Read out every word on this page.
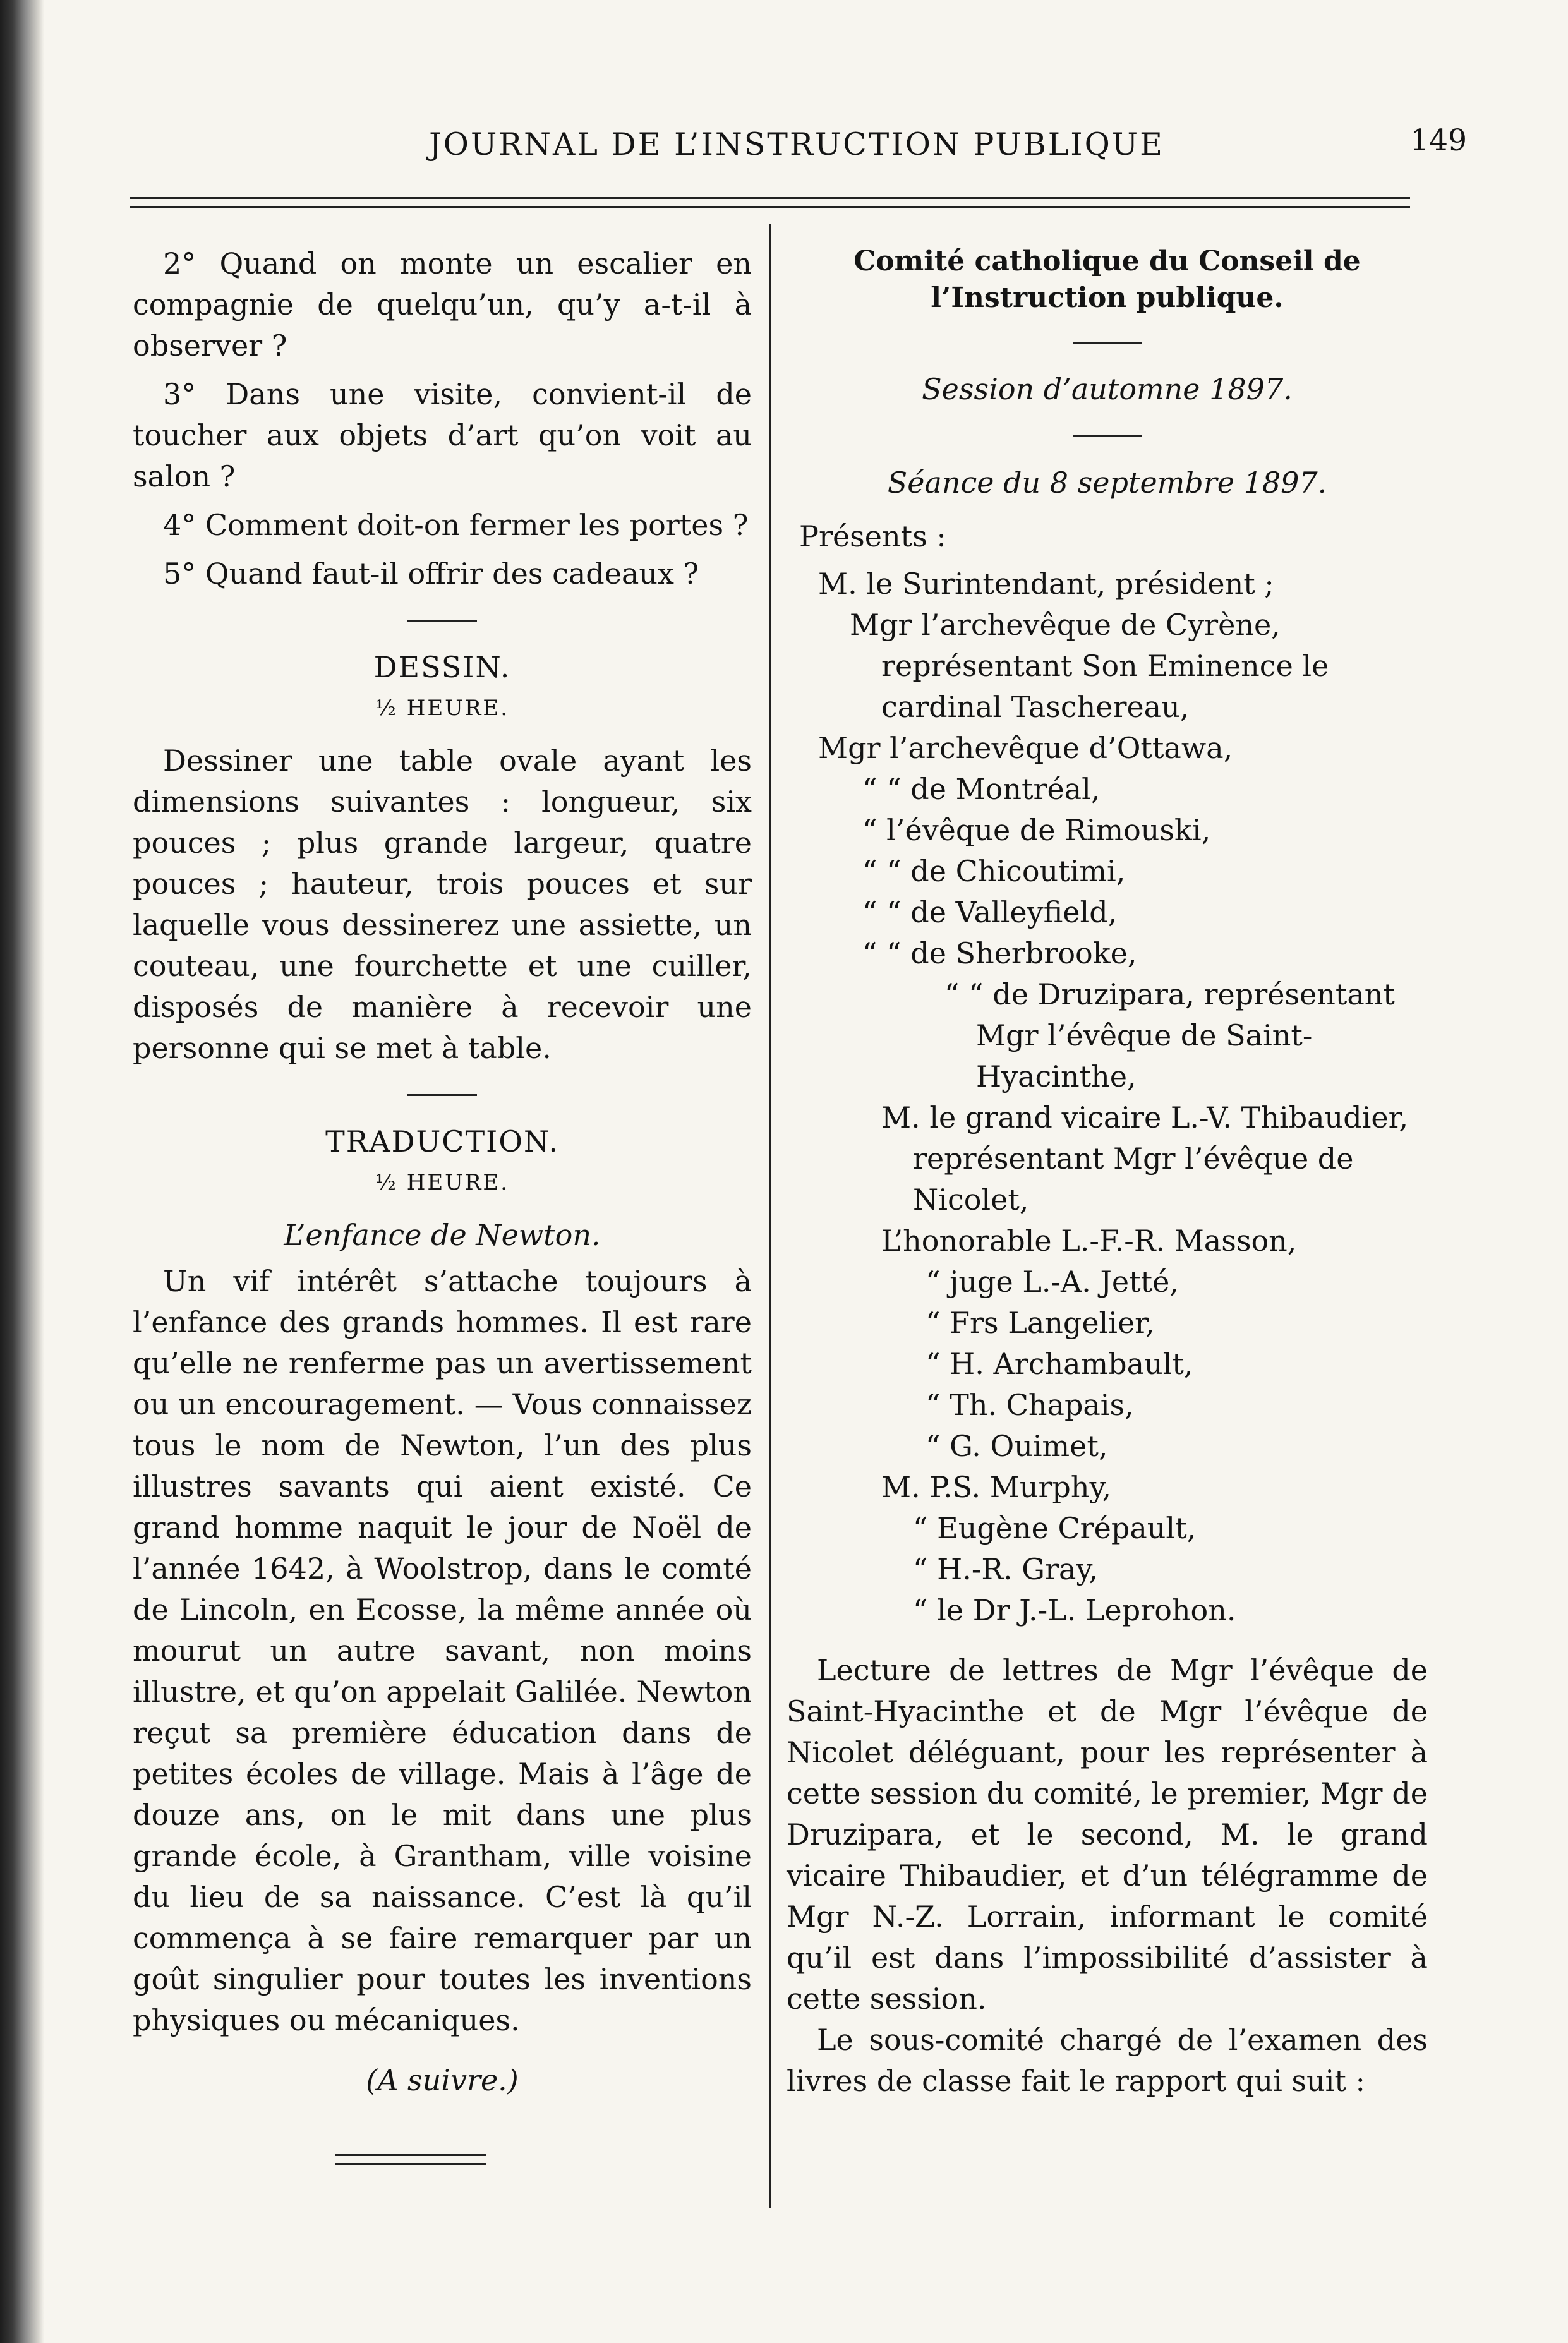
JOURNAL DE L’INSTRUCTION PUBLIQUE	149

2° Quand on monte un escalier en compagnie de quelqu’un, qu’y a-t-il à observer ?

3° Dans une visite, convient-il de toucher aux objets d’art qu’on voit au salon ?

4° Comment doit-on fermer les portes ?

5° Quand faut-il offrir des cadeaux ?

DESSIN.

½ HEURE.

Dessiner une table ovale ayant les dimensions suivantes : longueur, six pouces ; plus grande largeur, quatre pouces ; hauteur, trois pouces et sur laquelle vous dessinerez une assiette, un couteau, une fourchette et une cuiller, disposés de manière à recevoir une personne qui se met à table.

TRADUCTION.

½ HEURE.

L’enfance de Newton.

Un vif intérêt s’attache toujours à l’enfance des grands hommes. Il est rare qu’elle ne renferme pas un avertissement ou un encouragement. — Vous connaissez tous le nom de Newton, l’un des plus illustres savants qui aient existé. Ce grand homme naquit le jour de Noël de l’année 1642, à Woolstrop, dans le comté de Lincoln, en Ecosse, la même année où mourut un autre savant, non moins illustre, et qu’on appelait Galilée. Newton reçut sa première éducation dans de petites écoles de village. Mais à l’âge de douze ans, on le mit dans une plus grande école, à Grantham, ville voisine du lieu de sa naissance. C’est là qu’il commença à se faire remarquer par un goût singulier pour toutes les inventions physiques ou mécaniques.

(A suivre.)

Comité catholique du Conseil de l’Instruction publique.

Session d’automne 1897.

Séance du 8 septembre 1897.

Présents :

M. le Surintendant, président ;

Mgr l’archevêque de Cyrène, représentant Son Eminence le cardinal Taschereau,

Mgr l’archevêque d’Ottawa,

“ “ de Montréal,

“ l’évêque de Rimouski,

“ “ de Chicoutimi,

“ “ de Valleyfield,

“ “ de Sherbrooke,

“ “ de Druzipara, représentant Mgr l’évêque de Saint-Hyacinthe,

M. le grand vicaire L.-V. Thibaudier, représentant Mgr l’évêque de Nicolet,

L’honorable L.-F.-R. Masson,

“ juge L.-A. Jetté,

“ Frs Langelier,

“ H. Archambault,

“ Th. Chapais,

“ G. Ouimet,

M. P.S. Murphy,

“ Eugène Crépault,

“ H.-R. Gray,

“ le Dr J.-L. Leprohon.

Lecture de lettres de Mgr l’évêque de Saint-Hyacinthe et de Mgr l’évêque de Nicolet déléguant, pour les représenter à cette session du comité, le premier, Mgr de Druzipara, et le second, M. le grand vicaire Thibaudier, et d’un télégramme de Mgr N.-Z. Lorrain, informant le comité qu’il est dans l’impossibilité d’assister à cette session.

Le sous-comité chargé de l’examen des livres de classe fait le rapport qui suit :
